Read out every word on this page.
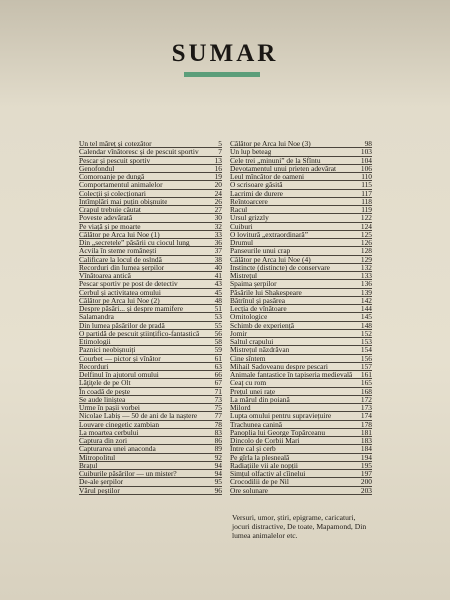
SUMAR
Un tel măreț și cotezător	5
Calendar vînătoresc și de pescuit sportiv	7
Pescar și pescuit sportiv	13
Genofondul	16
Comoroanje pe dungă	19
Comportamentul animalelor	20
Colecții și colecționari	24
Intîmplări mai puțin obișnuite	26
Crapul trebuie căutat	27
Poveste adevărată	30
Pe viață și pe moarte	32
Călător pe Arca lui Noe (1)	33
Din „secretele” păsării cu ciocul lung	36
Acvila în steme românești	37
Calificare la locul de oslndă	38
Recorduri din lumea șerpilor	40
Vînătoarea antică	41
Pescar sportiv pe post de detectiv	43
Cerbul și activitatea omului	45
Călător pe Arca lui Noe (2)	48
Despre păsări... și despre mamifere	51
Salamandra	53
Din lumea păsărilor de pradă	55
O partidă de pescuit științifico-fantastică 56
Etimologii	58
Paznici neobișnuiți	59
Courbet — pictor și vînător	61
Recorduri	63
Delfinul în ajutorul omului	66
Lăţiţele de pe Olt	67
În coadă de pește	71
Se aude liniștea	73
Urme în pașii vorbei	75
Nicolae Labiș — 50 de ani de la naștere 77
Louvare cinegetic zambian	78
La moartea cerbului	83
Captura din zori	86
Capturarea unei anaconda	89
Mitropolitul	92
Brațul	94
Cuiburile păsărilor — un mister?	94
De-ale șerpilor	95
Vărul peștilor	96
Călător pe Arca lui Noe (3)	98
Un lup beteag	103
Cele trei „minuni” de la Sfîntu	104
Devotamentul unui prieten adevărat	106
Leul mîncător de oameni	110
O scrisoare găsită	115
Lacrimi de durere	117
Reîntoarcere	118
Racul	119
Ursul grizzly	122
Cuiburi	124
O lovitură „extraordinară”	125
Drumul	126
Panseurile unui crap	128
Călător pe Arca lui Noe (4)	129
Instincte (distincte) de conservare	132
Mistrețul	133
Spaima șerpilor	136
Păsările lui Shakespeare	139
Bătrînul și pasărea	142
Lecția de vînătoare	144
Ornitologice	145
Schimb de experiență	148
Jomir	152
Saltul crapului	153
Mistrețul năzdrăvan	154
Cine sîntem	156
Mihail Sadoveanu despre pescari	157
Animale fantastice în tapiseria medievală 161
Ceaț cu rom	165
Prețul unei rațe	168
La mărul din poiană	172
Milord	173
Lupta omului pentru supraviețuire	174
Trachunea canină	178
Panoplia lui George Topârceanu	181
Dincolo de Corbii Mari	183
Între cal și cerb	184
Pe gîrla la plesneală	194
Radiațiile vii ale nopții	195
Simțul olfactiv al cîinelui	197
Crocodilii de pe Nil	200
Ore solunare	203
Versuri, umor, știri, epigrame, caricaturi, jocuri distractive, De toate, Mapamond, Din lumea animalelor etc.
